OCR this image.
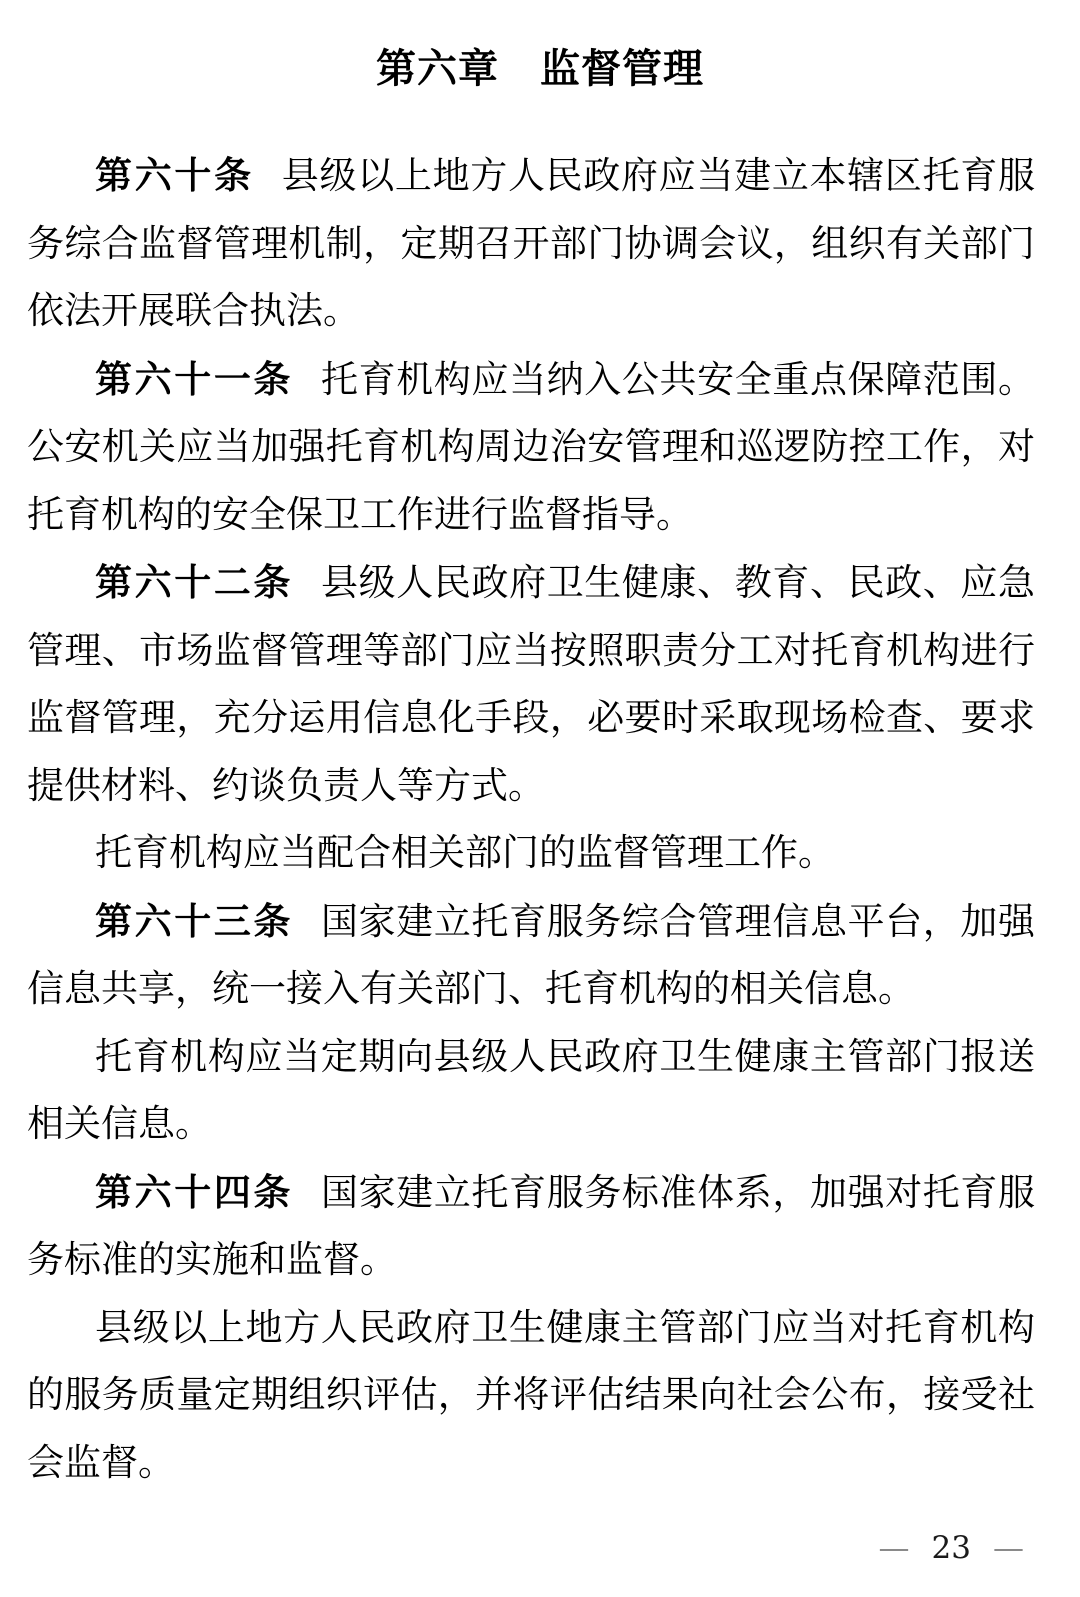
第六章　监督管理

第六十条 县级以上地方人民政府应当建立本辖区托育服务综合监督管理机制，定期召开部门协调会议，组织有关部门依法开展联合执法。

第六十一条 托育机构应当纳入公共安全重点保障范围。公安机关应当加强托育机构周边治安管理和巡逻防控工作，对托育机构的安全保卫工作进行监督指导。

第六十二条 县级人民政府卫生健康、教育、民政、应急管理、市场监督管理等部门应当按照职责分工对托育机构进行监督管理，充分运用信息化手段，必要时采取现场检查、要求提供材料、约谈负责人等方式。

托育机构应当配合相关部门的监督管理工作。

第六十三条 国家建立托育服务综合管理信息平台，加强信息共享，统一接入有关部门、托育机构的相关信息。

托育机构应当定期向县级人民政府卫生健康主管部门报送相关信息。

第六十四条 国家建立托育服务标准体系，加强对托育服务标准的实施和监督。

县级以上地方人民政府卫生健康主管部门应当对托育机构的服务质量定期组织评估，并将评估结果向社会公布，接受社会监督。

— 23 —
